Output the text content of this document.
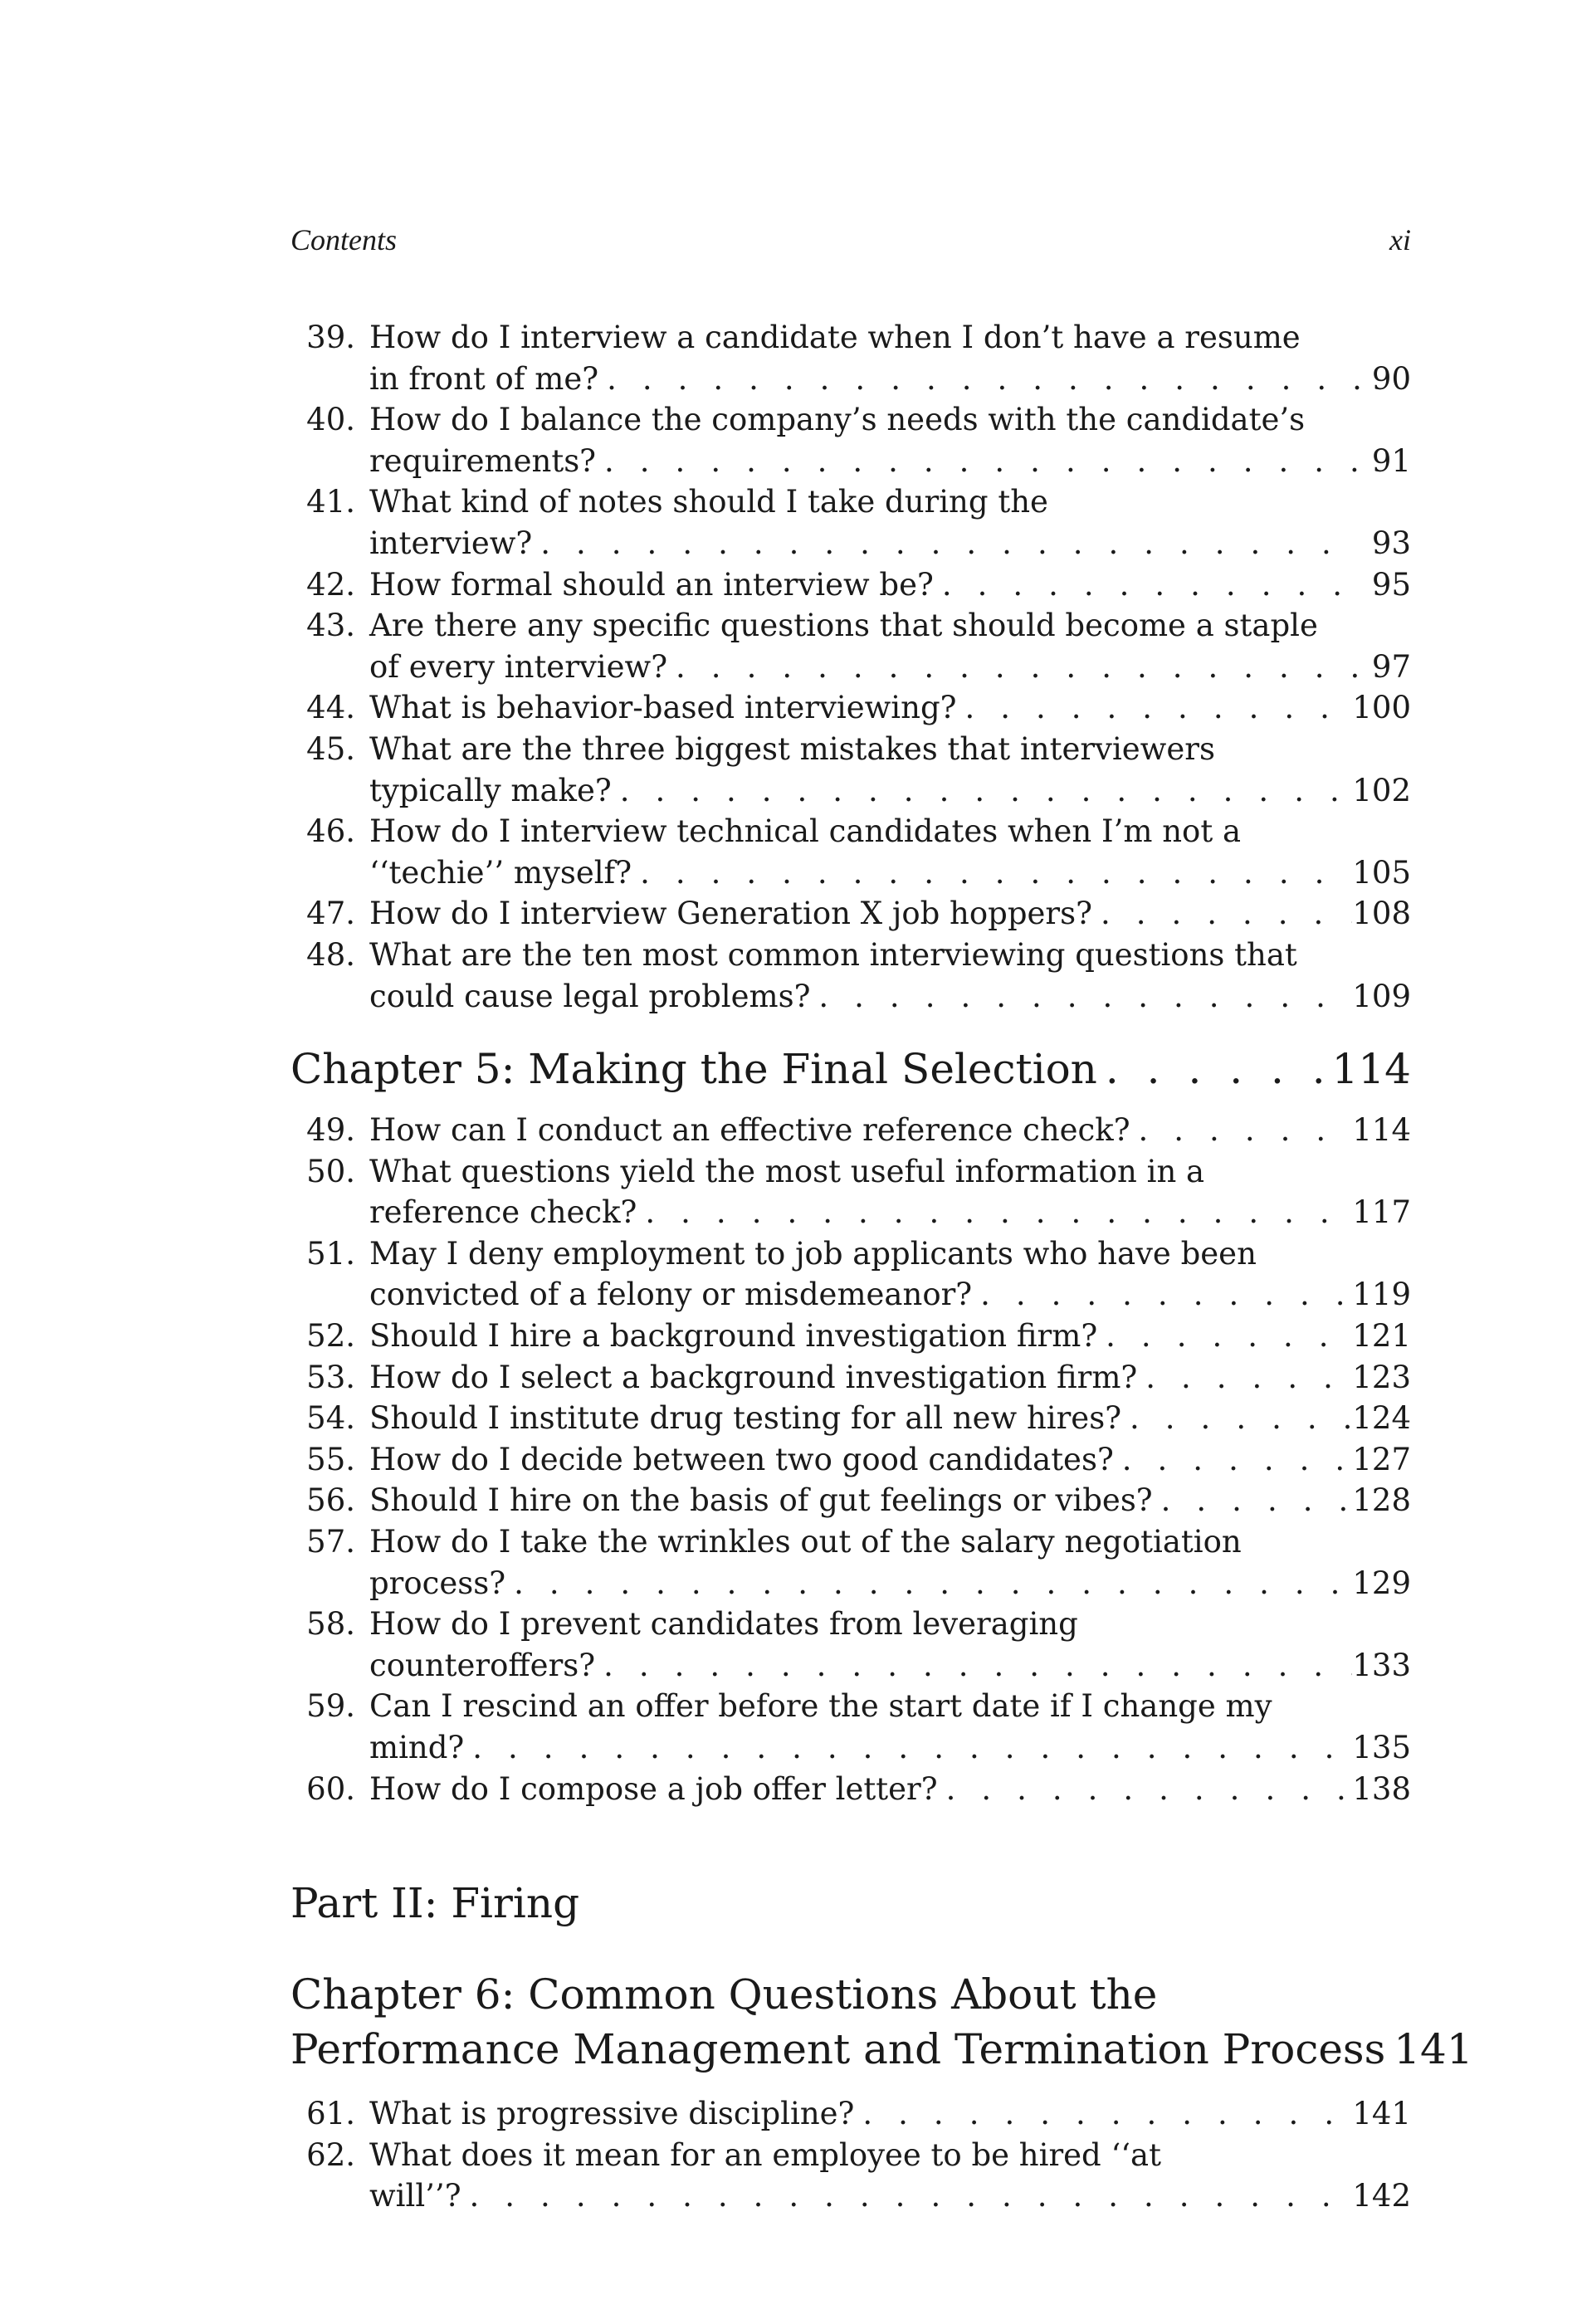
Contents	xi
39. How do I interview a candidate when I don’t have a resume
in front of me? . . .	90
40. How do I balance the company’s needs with the candidate’s
requirements? . . .	91
41. What kind of notes should I take during the
interview? . . .	93
42. How formal should an interview be? . . .	95
43. Are there any specific questions that should become a staple
of every interview? . . .	97
44. What is behavior-based interviewing? . . .	100
45. What are the three biggest mistakes that interviewers
typically make? . . .	102
46. How do I interview technical candidates when I’m not a
‘‘techie’’ myself? . . .	105
47. How do I interview Generation X job hoppers? . . .	108
48. What are the ten most common interviewing questions that
could cause legal problems? . . .	109
Chapter 5: Making the Final Selection . . .	114
49. How can I conduct an effective reference check? . . .	114
50. What questions yield the most useful information in a
reference check? . . .	117
51. May I deny employment to job applicants who have been
convicted of a felony or misdemeanor? . . .	119
52. Should I hire a background investigation firm? . . .	121
53. How do I select a background investigation firm? . . .	123
54. Should I institute drug testing for all new hires? . . .	124
55. How do I decide between two good candidates? . . .	127
56. Should I hire on the basis of gut feelings or vibes? . . .	128
57. How do I take the wrinkles out of the salary negotiation
process? . . .	129
58. How do I prevent candidates from leveraging
counteroffers? . . .	133
59. Can I rescind an offer before the start date if I change my
mind? . . .	135
60. How do I compose a job offer letter? . . .	138
Part II: Firing
Chapter 6: Common Questions About the
Performance Management and Termination Process . . . 141
61. What is progressive discipline? . . .	141
62. What does it mean for an employee to be hired ‘‘at
will’’? . . .	142
